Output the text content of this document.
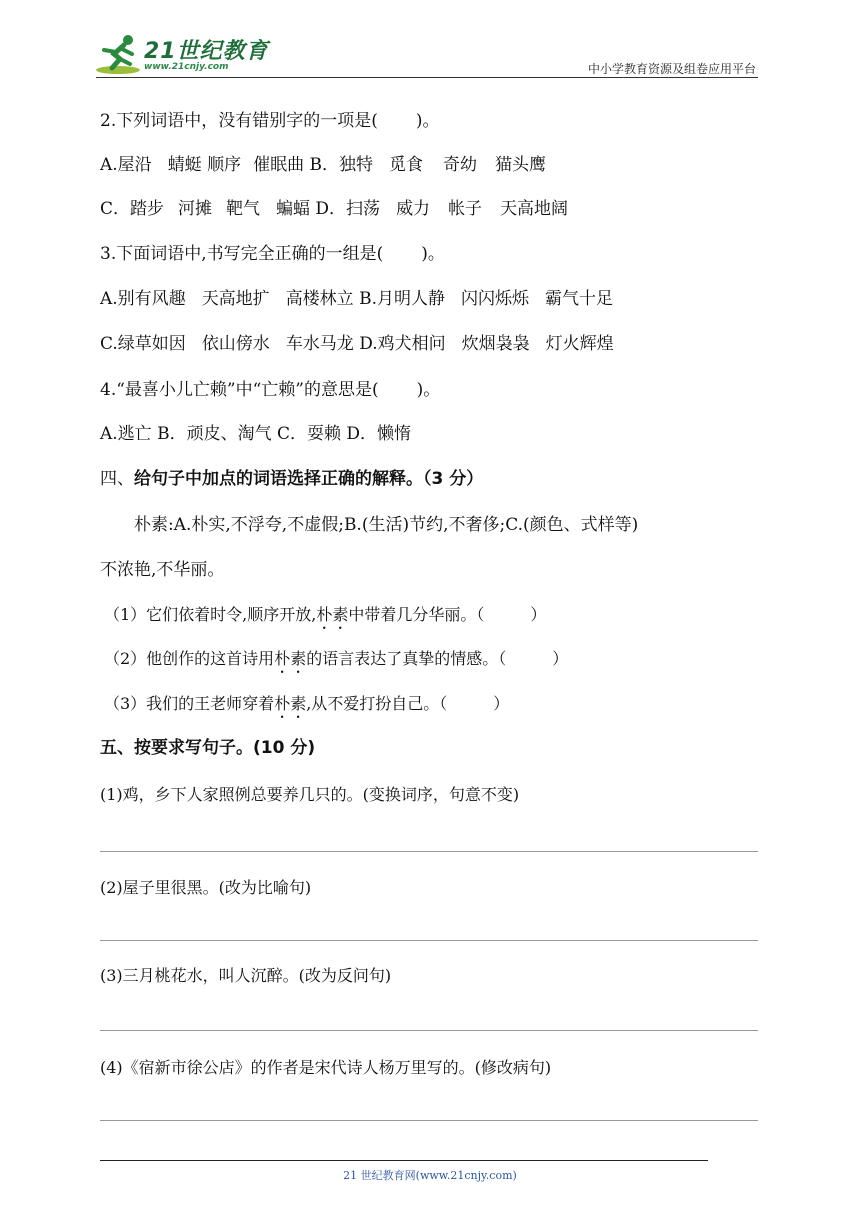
21世纪教育
www.21cnjy.com	中小学教育资源及组卷应用平台
2.下列词语中，没有错别字的一项是( )。
A.屋沿 蜻蜓 顺序 催眠曲 B．独特 觅食 奇幼 猫头鹰
C．踏步 河摊 靶气 蝙蝠 D．扫荡 威力 帐子 天高地阔
3.下面词语中,书写完全正确的一组是( )。
A.别有风趣 天高地扩 高楼林立 B.月明人静 闪闪烁烁 霸气十足
C.绿草如因 依山傍水 车水马龙 D.鸡犬相问 炊烟袅袅 灯火辉煌
4.“最喜小儿亡赖”中“亡赖”的意思是( )。
A.逃亡 B．顽皮、淘气 C．耍赖 D．懒惰
四、给句子中加点的词语选择正确的解释。（3 分）
朴素:A.朴实,不浮夸,不虚假;B.(生活)节约,不奢侈;C.(颜色、式样等)
不浓艳,不华丽。
（1）它们依着时令,顺序开放,朴素中带着几分华丽。（	）
（2）他创作的这首诗用朴素的语言表达了真挚的情感。（	）
（3）我们的王老师穿着朴素,从不爱打扮自己。（	）
五、按要求写句子。(10 分)
(1)鸡，乡下人家照例总要养几只的。(变换词序，句意不变)
(2)屋子里很黑。(改为比喻句)
(3)三月桃花水，叫人沉醉。(改为反问句)
(4)《宿新市徐公店》的作者是宋代诗人杨万里写的。(修改病句)
21 世纪教育网(www.21cnjy.com)
